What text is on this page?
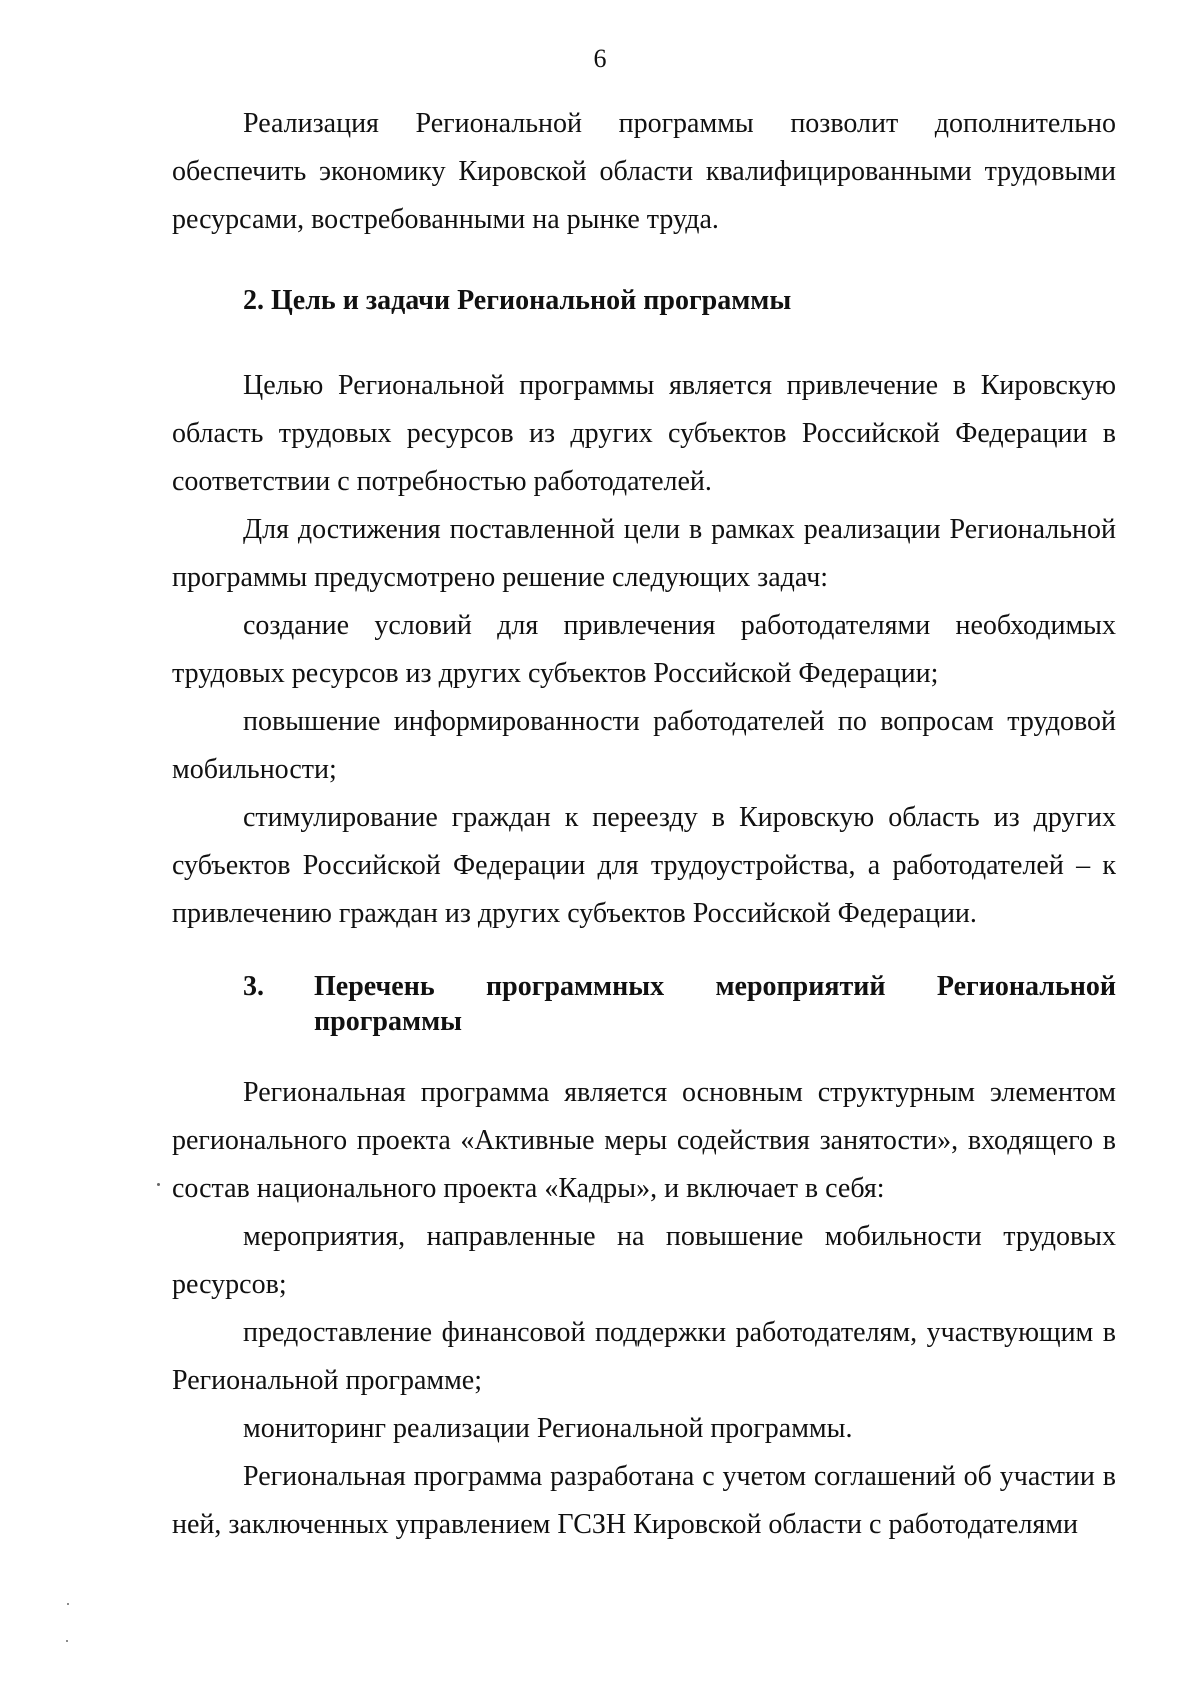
6

Реализация Региональной программы позволит дополнительно обеспечить экономику Кировской области квалифицированными трудовыми ресурсами, востребованными на рынке труда.

2. Цель и задачи Региональной программы

Целью Региональной программы является привлечение в Кировскую область трудовых ресурсов из других субъектов Российской Федерации в соответствии с потребностью работодателей.

Для достижения поставленной цели в рамках реализации Региональной программы предусмотрено решение следующих задач:

создание условий для привлечения работодателями необходимых трудовых ресурсов из других субъектов Российской Федерации;

повышение информированности работодателей по вопросам трудовой мобильности;

стимулирование граждан к переезду в Кировскую область из других субъектов Российской Федерации для трудоустройства, а работодателей – к привлечению граждан из других субъектов Российской Федерации.

3.	Перечень программных мероприятий Региональной
программы

Региональная программа является основным структурным элементом регионального проекта «Активные меры содействия занятости», входящего в состав национального проекта «Кадры», и включает в себя:

мероприятия, направленные на повышение мобильности трудовых ресурсов;

предоставление финансовой поддержки работодателям, участвующим в Региональной программе;

мониторинг реализации Региональной программы.

Региональная программа разработана с учетом соглашений об участии в ней, заключенных управлением ГСЗН Кировской области с работодателями
